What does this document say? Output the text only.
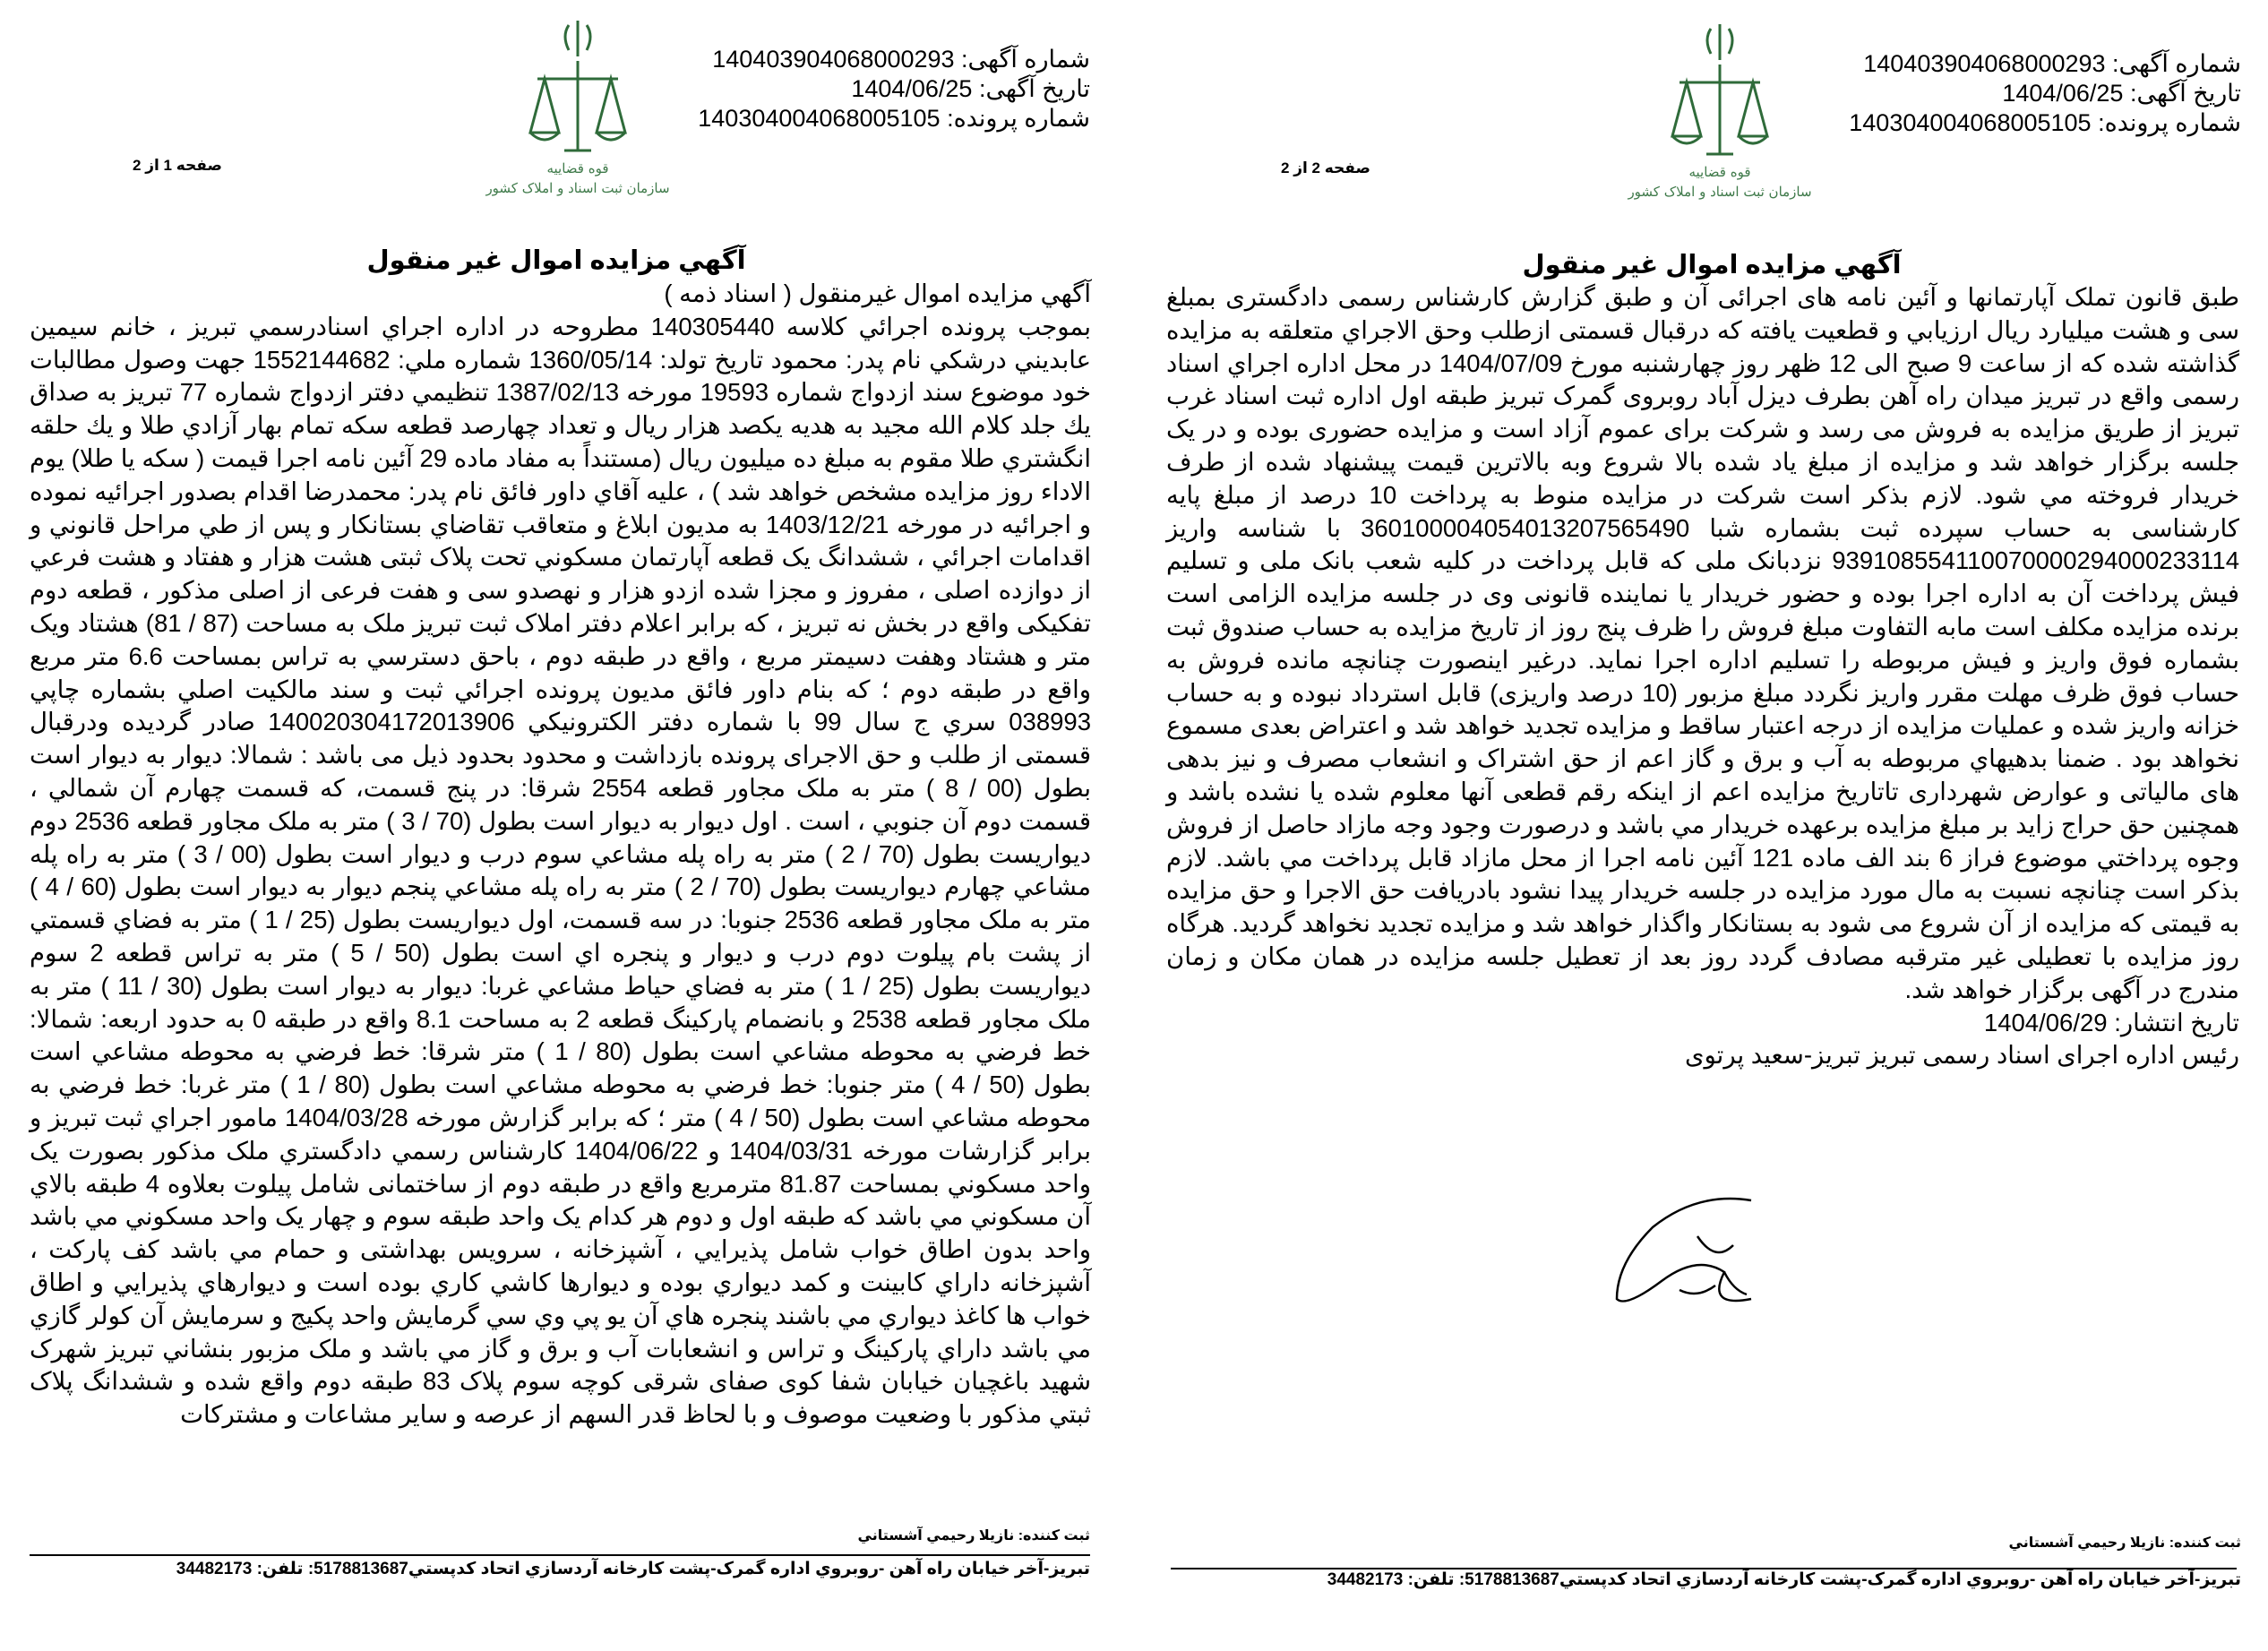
شماره آگهی: 14040390406800029‍3
تاریخ آگهی: 1404/06/25
شماره پرونده: 140304004068005105
قوه قضاییه
سازمان ثبت اسناد و املاک کشور
صفحه 2 از 2
آگهي مزايده اموال غير منقول

طبق قانون تملک آپارتمانها و آئین نامه های اجرائی آن و طبق گزارش کارشناس رسمی دادگستری بمبلغ سی و هشت میلیارد ریال ارزیابي و قطعیت یافته که درقبال قسمتی ازطلب وحق الاجراي متعلقه به مزایده گذاشته شده که از ساعت 9 صبح الی 12 ظهر روز چهارشنبه مورخ 1404/07/09 در محل اداره اجراي اسناد رسمی واقع در تبریز میدان راه آهن بطرف دیزل آباد روبروی گمرک تبریز طبقه اول اداره ثبت اسناد غرب تبریز از طریق مزایده به فروش می رسد و شرکت برای عموم آزاد است و مزایده حضوری بوده و در یک جلسه برگزار خواهد شد و مزایده از مبلغ یاد شده بالا شروع وبه بالاترین قیمت پیشنهاد شده از طرف خریدار فروخته مي شود. لازم بذکر است شرکت در مزایده منوط به پرداخت 10 درصد از مبلغ پایه کارشناسی به حساب سپرده ثبت بشماره شبا 360100004054013207565490 با شناسه واریز 939108554110070000294000233114 نزدبانک ملی که قابل پرداخت در کلیه شعب بانک ملی و تسلیم فیش پرداخت آن به اداره اجرا بوده و حضور خریدار یا نماینده قانونی وی در جلسه مزایده الزامی است برنده مزایده مکلف است مابه التفاوت مبلغ فروش را ظرف پنج روز از تاریخ مزایده به حساب صندوق ثبت بشماره فوق واریز و فیش مربوطه را تسلیم اداره اجرا نماید. درغیر اینصورت چنانچه مانده فروش به حساب فوق ظرف مهلت مقرر واریز نگردد مبلغ مزبور (10 درصد واریزی) قابل استرداد نبوده و به حساب خزانه واریز شده و عملیات مزایده از درجه اعتبار ساقط و مزایده تجدید خواهد شد و اعتراض بعدی مسموع نخواهد بود . ضمنا بدهیهاي مربوطه به آب و برق و گاز اعم از حق اشتراک و انشعاب مصرف و نیز بدهی های مالیاتی و عوارض شهرداری تاتاریخ مزایده اعم از اینکه رقم قطعی آنها معلوم شده یا نشده باشد و همچنین حق حراج زاید بر مبلغ مزایده برعهده خریدار مي باشد و درصورت وجود وجه مازاد حاصل از فروش وجوه پرداختي موضوع فراز 6 بند الف ماده 121 آئین نامه اجرا از محل مازاد قابل پرداخت مي باشد. لازم بذکر است چنانچه نسبت به مال مورد مزایده در جلسه خریدار پیدا نشود بادریافت حق الاجرا و حق مزایده به قیمتی که مزایده از آن شروع می شود به بستانکار واگذار خواهد شد و مزایده تجدید نخواهد گردید. هرگاه روز مزایده با تعطیلی غیر مترقبه مصادف گردد روز بعد از تعطیل جلسه مزایده در همان مکان و زمان مندرج در آگهی برگزار خواهد شد.

تاریخ انتشار: 1404/06/29

رئیس اداره اجرای اسناد رسمی تبریز تبریز-سعید پرتوی

ثبت كننده: نازيلا رحيمي آشستاني
تبريز-آخر خيابان راه آهن -روبروي اداره گمرک-پشت كارخانه آردسازي اتحاد كدپستي5178813687: تلفن: 34482173
شماره آگهی: 140403904068000293
تاریخ آگهی: 1404/06/25
شماره پرونده: 140304004068005105
قوه قضاییه
سازمان ثبت اسناد و املاک کشور
صفحه 1 از 2
آگهي مزايده اموال غير منقول

آگهي مزايده اموال غيرمنقول ( اسناد ذمه )

بموجب پرونده اجرائي كلاسه 140305440 مطروحه در اداره اجراي اسنادرسمي تبريز ، خانم سيمين عابديني درشكي نام پدر: محمود تاريخ تولد: 1360/05/14 شماره ملي: 1552144682 جهت وصول مطالبات خود موضوع سند ازدواج شماره 19593 مورخه 1387/02/13 تنظيمي دفتر ازدواج شماره 77 تبريز به صداق يك جلد كلام الله مجيد به هديه يكصد هزار ريال و تعداد چهارصد قطعه سكه تمام بهار آزادي طلا و يك حلقه انگشتري طلا مقوم به مبلغ ده ميليون ريال (مستنداً به مفاد ماده 29 آئين نامه اجرا قيمت ( سكه يا طلا) يوم الاداء روز مزايده مشخص خواهد شد ) ، عليه آقاي داور فائق نام پدر: محمدرضا اقدام بصدور اجرائيه نموده و اجرائيه در مورخه 1403/12/21 به مديون ابلاغ و متعاقب تقاضاي بستانكار و پس از طي مراحل قانوني و اقدامات اجرائي ، ششدانگ يک قطعه آپارتمان مسكوني تحت پلاک ثبتی هشت هزار و هفتاد و هشت فرعي از دوازده اصلی ، مفروز و مجزا شده ازدو هزار و نهصدو سی و هفت فرعی از اصلی مذکور ، قطعه دوم تفکیکی واقع در بخش نه تبریز ، که برابر اعلام دفتر املاک ثبت تبریز ملک به مساحت (87 / 81) هشتاد ويک متر و هشتاد وهفت دسيمتر مربع ، واقع در طبقه دوم ، باحق دسترسي به تراس بمساحت 6.6 متر مربع واقع در طبقه دوم ؛ كه بنام داور فائق مديون پرونده اجرائي ثبت و سند مالكيت اصلي بشماره چاپي 038993 سري ج سال 99 با شماره دفتر الكترونيكي 140020304172013906 صادر گرديده ودرقبال قسمتی از طلب و حق الاجرای پرونده بازداشت و محدود بحدود ذیل می باشد : شمالا: ديوار به ديوار است بطول (00 / 8 ) متر به ملک مجاور قطعه 2554 شرقا: در پنج قسمت، که قسمت چهارم آن شمالي ، قسمت دوم آن جنوبي ، است . اول ديوار به ديوار است بطول (70 / 3 ) متر به ملک مجاور قطعه 2536 دوم ديواريست بطول (70 / 2 ) متر به راه پله مشاعي سوم درب و ديوار است بطول (00 / 3 ) متر به راه پله مشاعي چهارم ديواريست بطول (70 / 2 ) متر به راه پله مشاعي پنجم ديوار به ديوار است بطول (60 / 4 ) متر به ملک مجاور قطعه 2536 جنوبا: در سه قسمت، اول ديواريست بطول (25 / 1 ) متر به فضاي قسمتي از پشت بام پيلوت دوم درب و ديوار و پنجره اي است بطول (50 / 5 ) متر به تراس قطعه 2 سوم ديواريست بطول (25 / 1 ) متر به فضاي حياط مشاعي غربا: ديوار به ديوار است بطول (30 / 11 ) متر به ملک مجاور قطعه 2538 و بانضمام پاركينگ قطعه 2 به مساحت 8.1 واقع در طبقه 0 به حدود اربعه: شمالا: خط فرضي به محوطه مشاعي است بطول (80 / 1 ) متر شرقا: خط فرضي به محوطه مشاعي است بطول (50 / 4 ) متر جنوبا: خط فرضي به محوطه مشاعي است بطول (80 / 1 ) متر غربا: خط فرضي به محوطه مشاعي است بطول (50 / 4 ) متر ؛ كه برابر گزارش مورخه 1404/03/28 مامور اجراي ثبت تبريز و برابر گزارشات مورخه 1404/03/31 و 1404/06/22 كارشناس رسمي دادگستري ملک مذكور بصورت يک واحد مسكوني بمساحت 81.87 مترمربع واقع در طبقه دوم از ساختمانی شامل پيلوت بعلاوه 4 طبقه بالاي آن مسكوني مي باشد كه طبقه اول و دوم هر كدام يک واحد طبقه سوم و چهار يک واحد مسكوني مي باشد واحد بدون اطاق خواب شامل پذيرايي ، آشپزخانه ، سرويس بهداشتی و حمام مي باشد كف پاركت ، آشپزخانه داراي كابينت و كمد ديواري بوده و ديوارها كاشي كاري بوده است و ديوارهاي پذيرايي و اطاق خواب ها كاغذ ديواري مي باشند پنجره هاي آن يو پي وي سي گرمايش واحد پكيج و سرمايش آن كولر گازي مي باشد داراي پاركينگ و تراس و انشعابات آب و برق و گاز مي باشد و ملک مزبور بنشاني تبريز شهرک شهيد باغچيان خيابان شفا كوی صفای شرقی کوچه سوم پلاک 83 طبقه دوم واقع شده و ششدانگ پلاک ثبتي مذكور با وضعيت موصوف و با لحاظ قدر السهم از عرصه و ساير مشاعات و مشتركات

ثبت كننده: نازيلا رحيمي آشستاني
تبريز-آخر خيابان راه آهن -روبروي اداره گمرک-پشت كارخانه آردسازي اتحاد كدپستي5178813687: تلفن: 34482173
